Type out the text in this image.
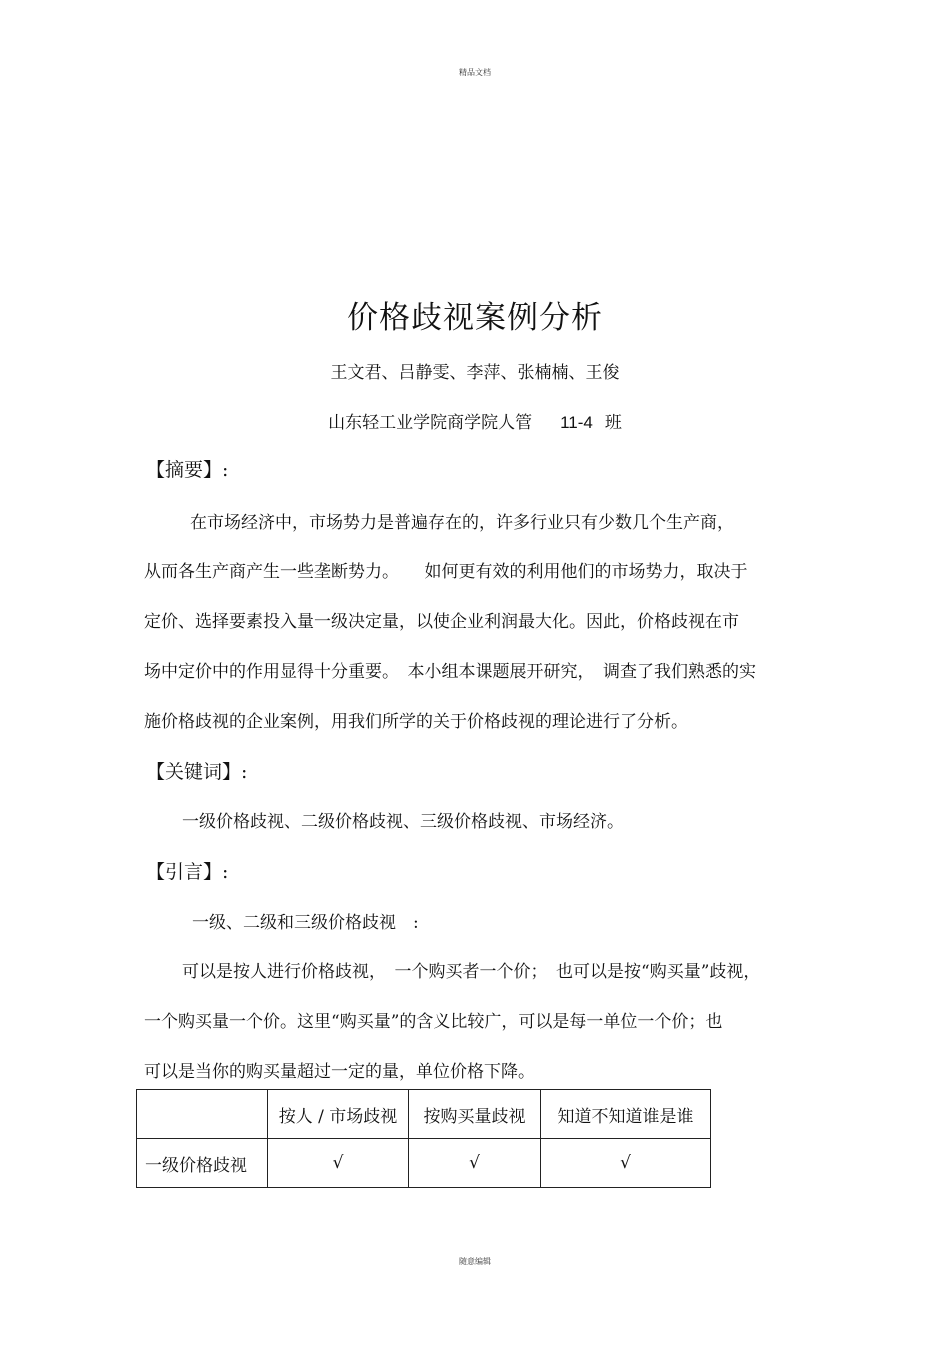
精品文档
价格歧视案例分析
王文君、吕静雯、李萍、张楠楠、王俊
山东轻工业学院商学院人管 11-4 班
【摘要】:
在市场经济中，市场势力是普遍存在的，许多行业只有少数几个生产商，
从而各生产商产生一些垄断势力。　　如何更有效的利用他们的市场势力，取决于
定价、选择要素投入量一级决定量，以使企业利润最大化。因此，价格歧视在市
场中定价中的作用显得十分重要。　本小组本课题展开研究，　调查了我们熟悉的实
施价格歧视的企业案例，用我们所学的关于价格歧视的理论进行了分析。
【关键词】:
一级价格歧视、二级价格歧视、三级价格歧视、市场经济。
【引言】:
一级、二级和三级价格歧视　:
可以是按人进行价格歧视，　一个购买者一个价；　也可以是按“购买量”歧视，
一个购买量一个价。这里“购买量”的含义比较广，可以是每一单位一个价；也
可以是当你的购买量超过一定的量，单位价格下降。
	按人 / 市场歧视	按购买量歧视	知道不知道谁是谁
一级价格歧视	√	√	√
随意编辑
